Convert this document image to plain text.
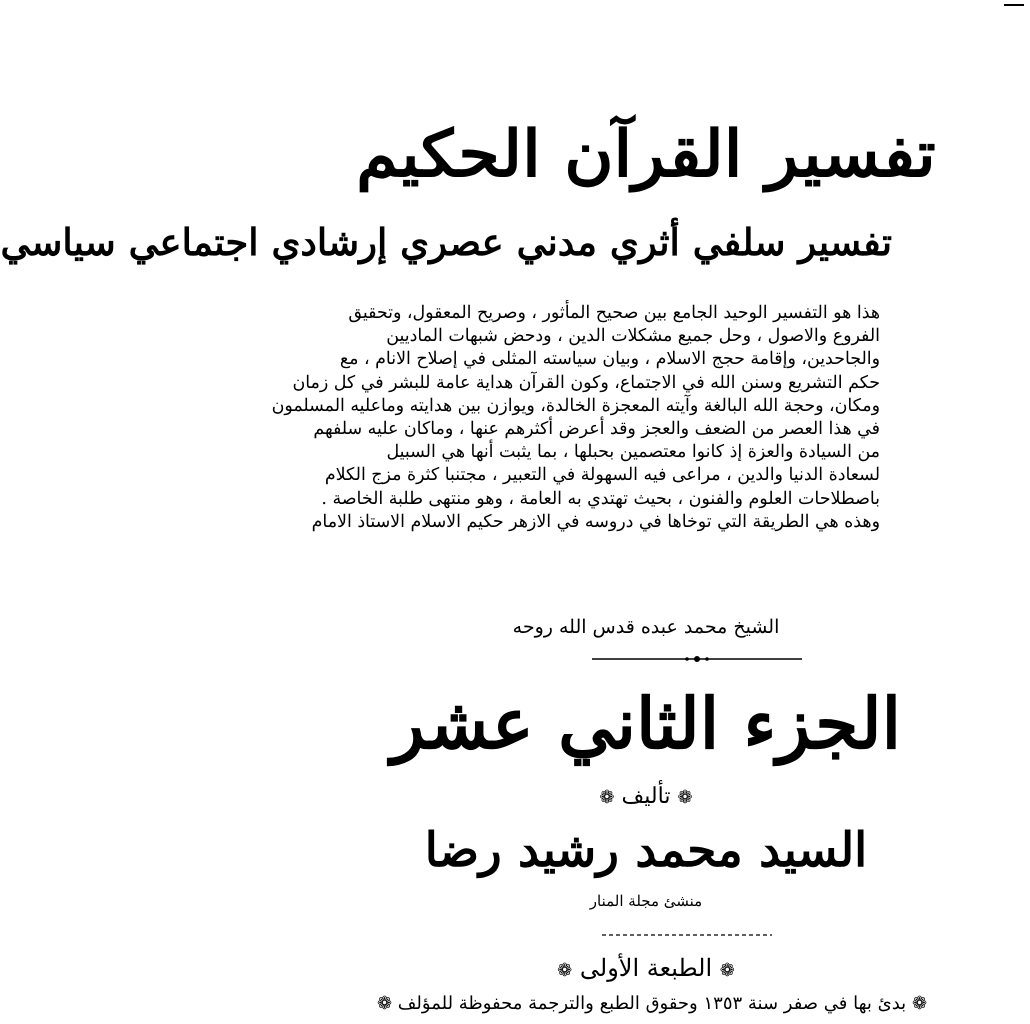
تفسير القرآن الحكيم
تفسير سلفي أثري مدني عصري إرشادي اجتماعي سياسي
هذا هو التفسير الوحيد الجامع بين صحيح المأثور ، وصريح المعقول، وتحقيق
الفروع والاصول ، وحل جميع مشكلات الدين ، ودحض شبهات الماديين
والجاحدين، وإقامة حجج الاسلام ، وبيان سياسته المثلى في إصلاح الانام ، مع
حكم التشريع وسنن الله في الاجتماع، وكون القرآن هداية عامة للبشر في كل زمان
ومكان، وحجة الله البالغة وآيته المعجزة الخالدة، ويوازن بين هدايته وماعليه المسلمون
في هذا العصر من الضعف والعجز وقد أعرض أكثرهم عنها ، وماكان عليه سلفهم
من السيادة والعزة إذ كانوا معتصمين بحبلها ، بما يثبت أنها هي السبيل
لسعادة الدنيا والدين ، مراعى فيه السهولة في التعبير ، مجتنبا كثرة مزج الكلام
باصطلاحات العلوم والفنون ، بحيث تهتدي به العامة ، وهو منتهى طلبة الخاصة .
وهذه هي الطريقة التي توخاها في دروسه في الازهر حكيم الاسلام الاستاذ الامام
الشيخ محمد عبده قدس الله روحه
الجزء الثاني عشر
❁ تأليف ❁
السيد محمد رشيد رضا
منشئ مجلة المنار
❁ الطبعة الأولى ❁
❁ بدئ بها في صفر سنة ١٣٥٣ وحقوق الطبع والترجمة محفوظة للمؤلف ❁
